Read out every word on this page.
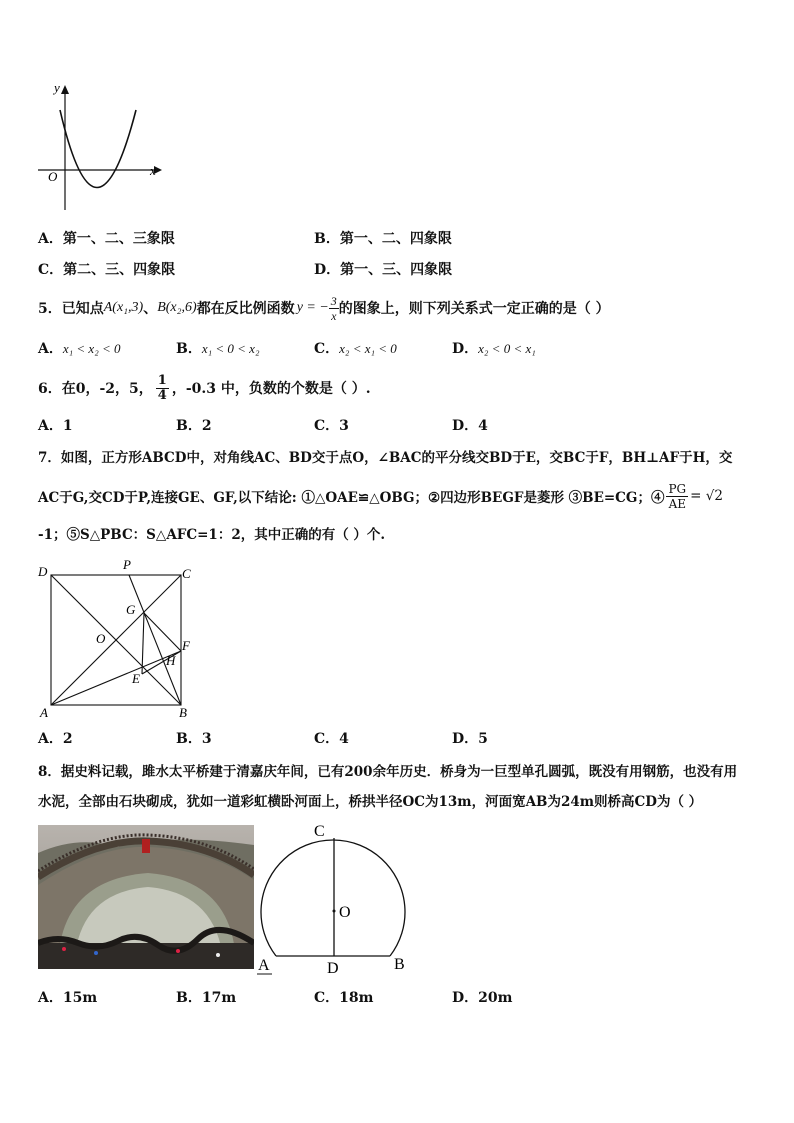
x
y
O
A．第一、二、三象限	B．第一、二、四象限
C．第二、三、四象限	D．第一、三、四象限
5．已知点 A(x₁,3) 、 B(x₂,6) 都在反比例函数 y = − $\frac{3}{x}$ 的图象上，则下列关系式一定正确的是（ ）
A．x₁ < x₂ < 0	B．x₁ < 0 < x₂	C．x₂ < x₁ < 0	D．x₂ < 0 < x₁
6．在0，-2，5， $\frac{1}{4}$ ，-0.3 中，负数的个数是（ ）.
A．1	B．2	C．3	D．4
7．如图，正方形ABCD中，对角线AC、BD交于点O，∠BAC的平分线交BD于E，交BC于F，BH⊥AF于H，交
AC于G,交CD于P,连接GE、GF,以下结论: ①△OAE≌△OBG；②四边形BEGF是菱形 ③BE=CG；④ $\frac{PG}{AE} = √2$
-1；⑤S△PBC：S△AFC=1：2，其中正确的有（ ）个.
D	P
C
G
O	F
H
E
A	B
A．2	B．3	C．4	D．5
8．据史料记载，雎水太平桥建于清嘉庆年间，已有200余年历史．桥身为一巨型单孔圆弧，既没有用钢筋，也没有用
水泥，全部由石块砌成，犹如一道彩虹横卧河面上，桥拱半径OC为13m，河面宽AB为24m则桥高CD为（ ）
C
O
A	D	B
A．15m	B．17m	C．18m	D．20m
